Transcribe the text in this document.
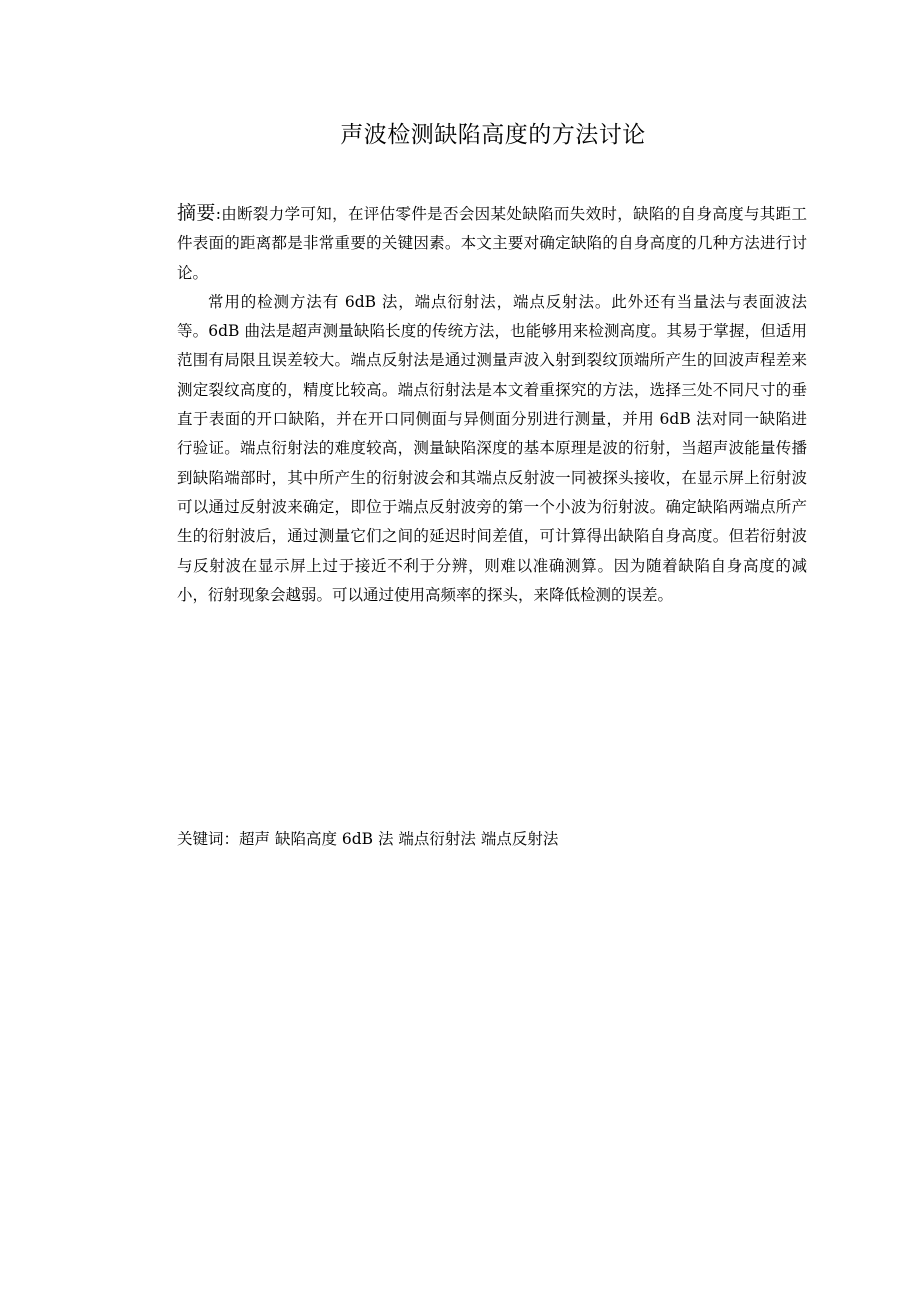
声波检测缺陷高度的方法讨论

摘要:由断裂力学可知，在评估零件是否会因某处缺陷而失效时，缺陷的自身高度与其距工件表面的距离都是非常重要的关键因素。本文主要对确定缺陷的自身高度的几种方法进行讨论。

常用的检测方法有 6dB 法，端点衍射法，端点反射法。此外还有当量法与表面波法等。6dB 曲法是超声测量缺陷长度的传统方法，也能够用来检测高度。其易于掌握，但适用范围有局限且误差较大。端点反射法是通过测量声波入射到裂纹顶端所产生的回波声程差来测定裂纹高度的，精度比较高。端点衍射法是本文着重探究的方法，选择三处不同尺寸的垂直于表面的开口缺陷，并在开口同侧面与异侧面分别进行测量，并用 6dB 法对同一缺陷进行验证。端点衍射法的难度较高，测量缺陷深度的基本原理是波的衍射，当超声波能量传播到缺陷端部时，其中所产生的衍射波会和其端点反射波一同被探头接收，在显示屏上衍射波可以通过反射波来确定，即位于端点反射波旁的第一个小波为衍射波。确定缺陷两端点所产生的衍射波后，通过测量它们之间的延迟时间差值，可计算得出缺陷自身高度。但若衍射波与反射波在显示屏上过于接近不利于分辨，则难以准确测算。因为随着缺陷自身高度的减小，衍射现象会越弱。可以通过使用高频率的探头，来降低检测的误差。

关键词：超声 缺陷高度 6dB 法 端点衍射法 端点反射法
